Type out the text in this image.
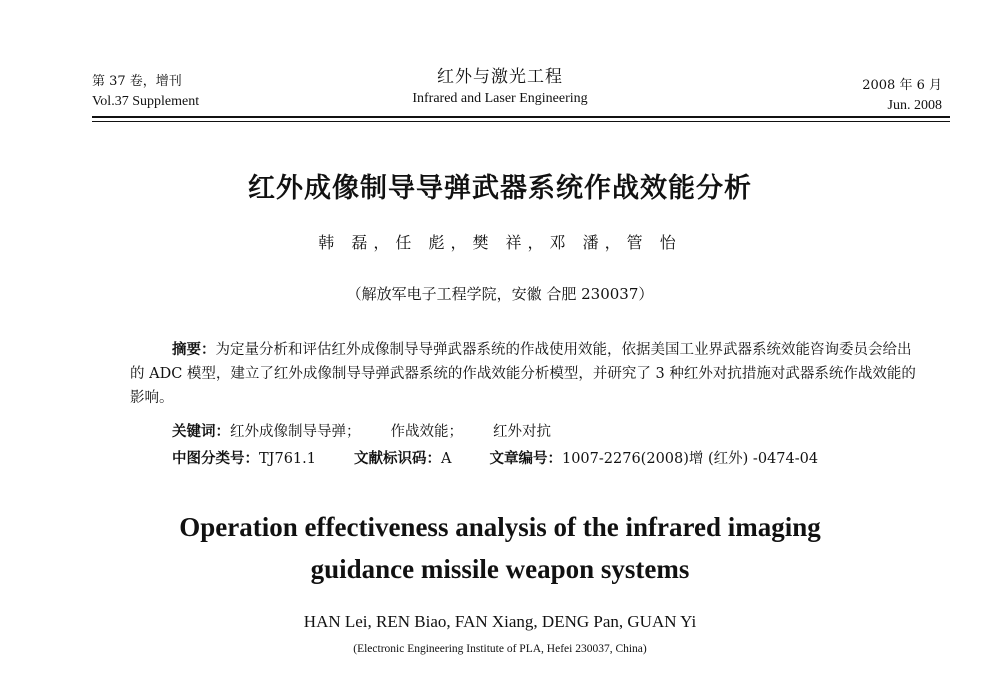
第 37 卷，增刊
Vol.37 Supplement
红外与激光工程
Infrared and Laser Engineering
2008 年 6 月
Jun. 2008
红外成像制导导弹武器系统作战效能分析
韩 磊，任 彪，樊 祥，邓 潘，管 怡
（解放军电子工程学院，安徽 合肥 230037）

摘要：为定量分析和评估红外成像制导导弹武器系统的作战使用效能，依据美国工业界武器系统效能咨询委员会给出的 ADC 模型，建立了红外成像制导导弹武器系统的作战效能分析模型，并研究了 3 种红外对抗措施对武器系统作战效能的影响。

关键词：红外成像制导导弹； 作战效能； 红外对抗
中图分类号：TJ761.1	文献标识码：A	文章编号：1007-2276(2008)增 (红外) -0474-04
Operation effectiveness analysis of the infrared imaging
guidance missile weapon systems
HAN Lei, REN Biao, FAN Xiang, DENG Pan, GUAN Yi
(Electronic Engineering Institute of PLA, Hefei 230037, China)
